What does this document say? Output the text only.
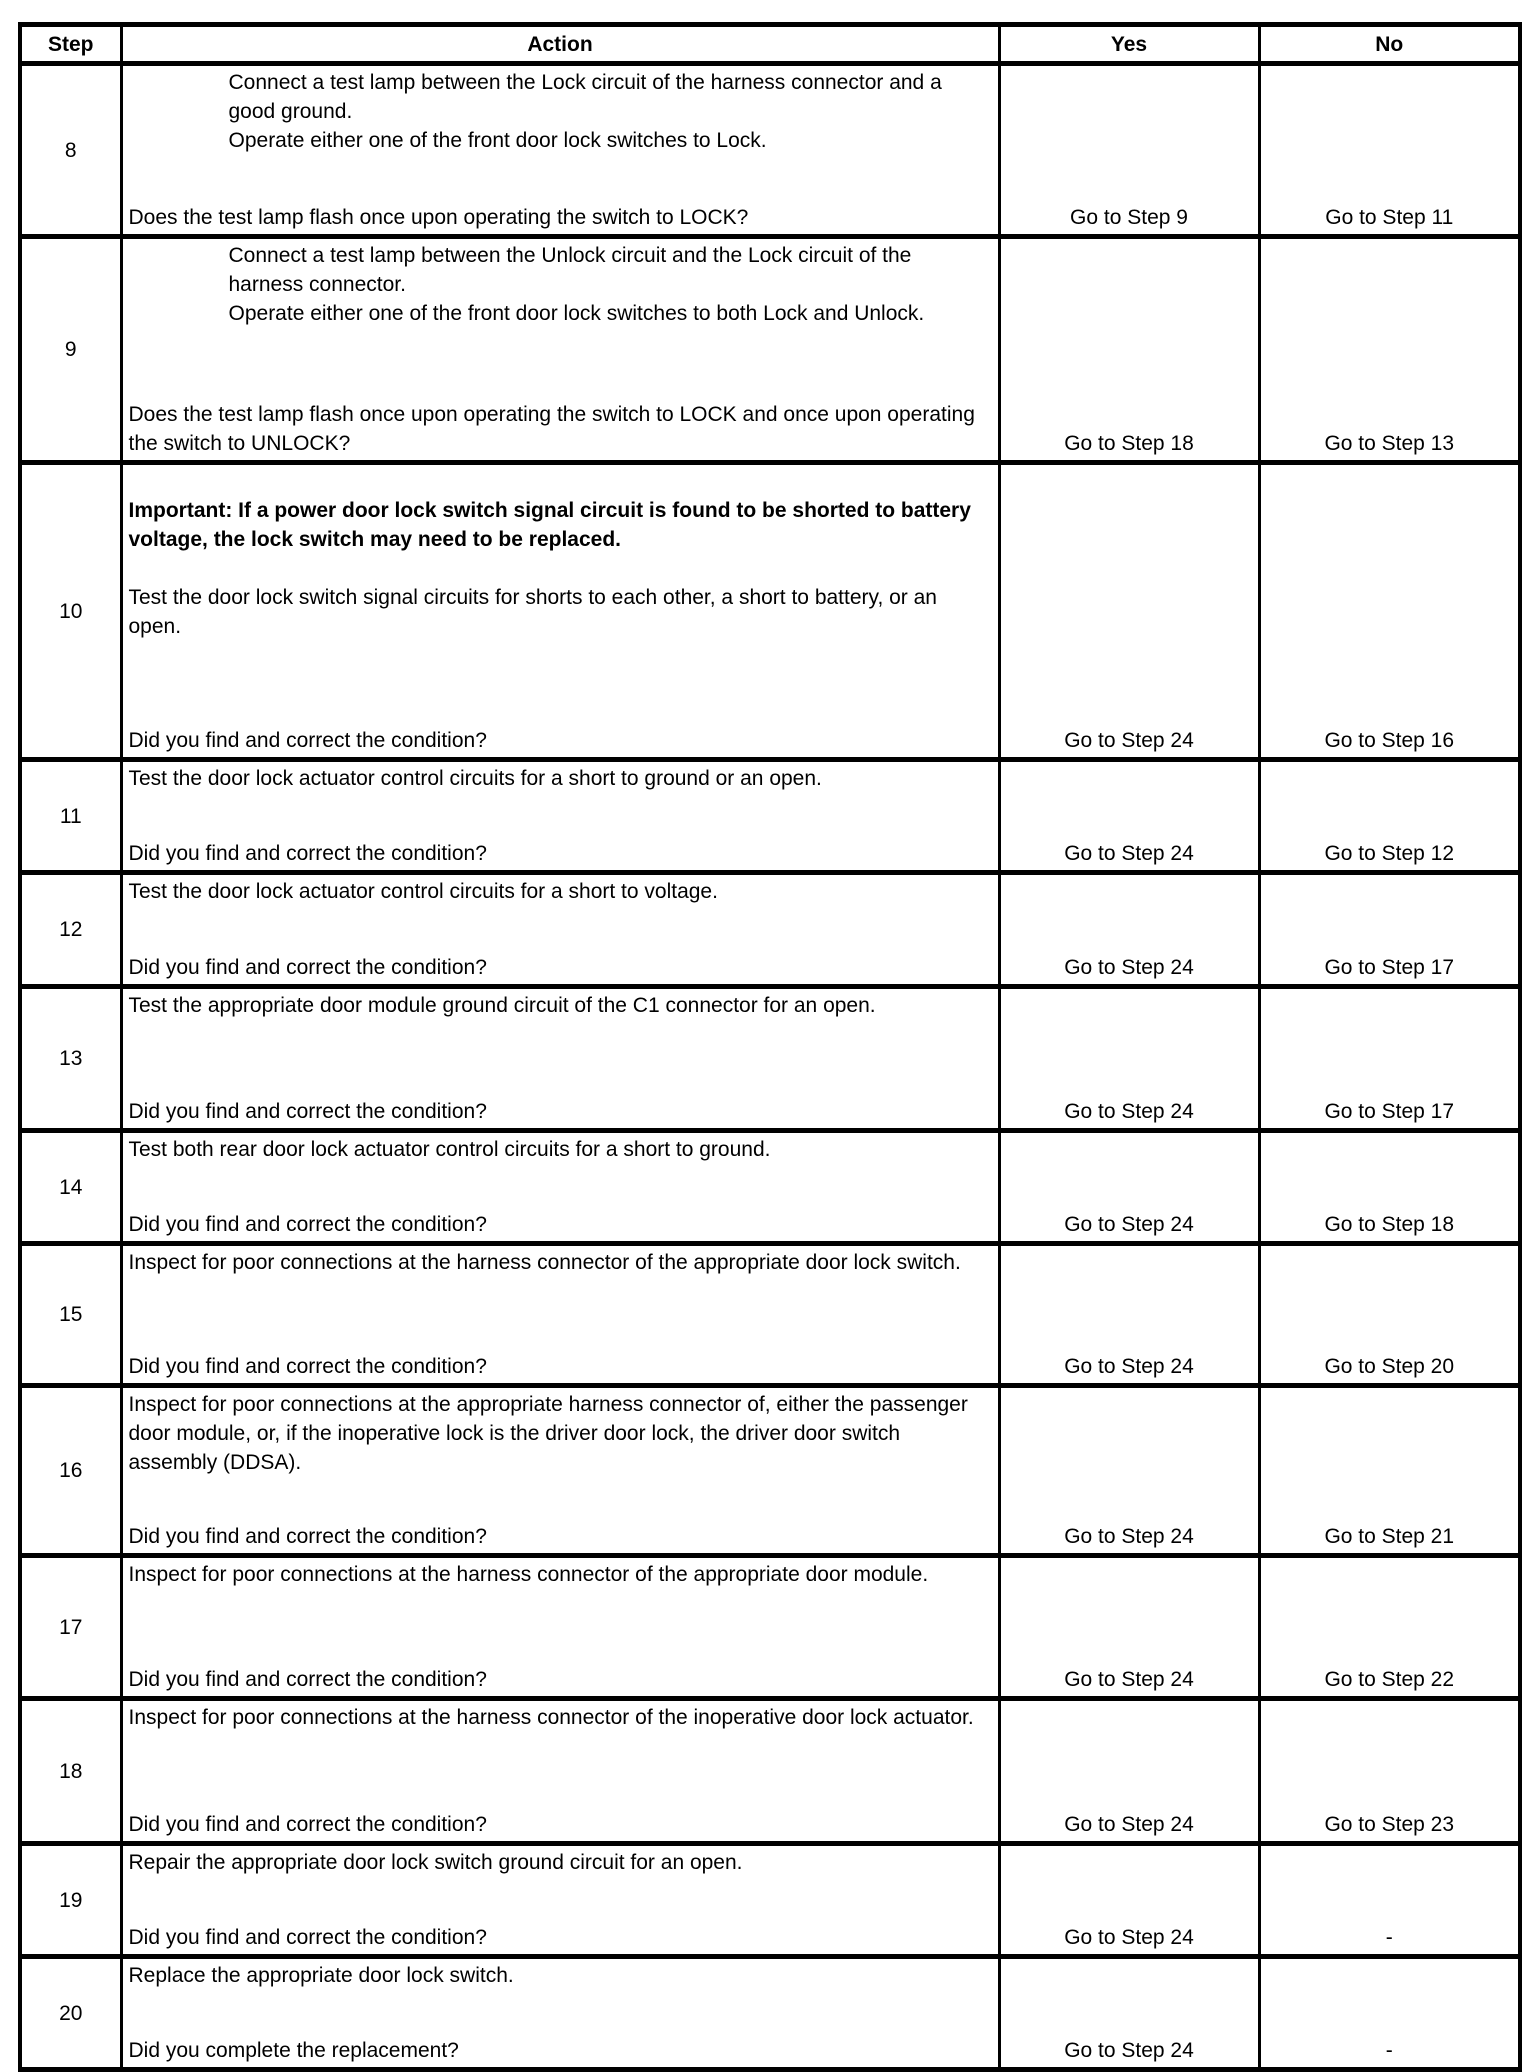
Step	Action	Yes	No
8	Connect a test lamp between the Lock circuit of the harness connector and a good ground.

Operate either one of the front door lock switches to Lock.

Does the test lamp flash once upon operating the switch to LOCK?	Go to Step 9	Go to Step 11
9	Connect a test lamp between the Unlock circuit and the Lock circuit of the harness connector.

Operate either one of the front door lock switches to both Lock and Unlock.

Does the test lamp flash once upon operating the switch to LOCK and once upon operating the switch to UNLOCK?	Go to Step 18	Go to Step 13
10	Important: If a power door lock switch signal circuit is found to be shorted to battery voltage, the lock switch may need to be replaced.

Test the door lock switch signal circuits for shorts to each other, a short to battery, or an open.

Did you find and correct the condition?	Go to Step 24	Go to Step 16
11	Test the door lock actuator control circuits for a short to ground or an open.

Did you find and correct the condition?	Go to Step 24	Go to Step 12
12	Test the door lock actuator control circuits for a short to voltage.

Did you find and correct the condition?	Go to Step 24	Go to Step 17
13	Test the appropriate door module ground circuit of the C1 connector for an open.

Did you find and correct the condition?	Go to Step 24	Go to Step 17
14	Test both rear door lock actuator control circuits for a short to ground.

Did you find and correct the condition?	Go to Step 24	Go to Step 18
15	Inspect for poor connections at the harness connector of the appropriate door lock switch.

Did you find and correct the condition?	Go to Step 24	Go to Step 20
16	Inspect for poor connections at the appropriate harness connector of, either the passenger door module, or, if the inoperative lock is the driver door lock, the driver door switch assembly (DDSA).

Did you find and correct the condition?	Go to Step 24	Go to Step 21
17	Inspect for poor connections at the harness connector of the appropriate door module.

Did you find and correct the condition?	Go to Step 24	Go to Step 22
18	Inspect for poor connections at the harness connector of the inoperative door lock actuator.

Did you find and correct the condition?	Go to Step 24	Go to Step 23
19	Repair the appropriate door lock switch ground circuit for an open.

Did you find and correct the condition?	Go to Step 24	-
20	Replace the appropriate door lock switch.

Did you complete the replacement?	Go to Step 24	-
